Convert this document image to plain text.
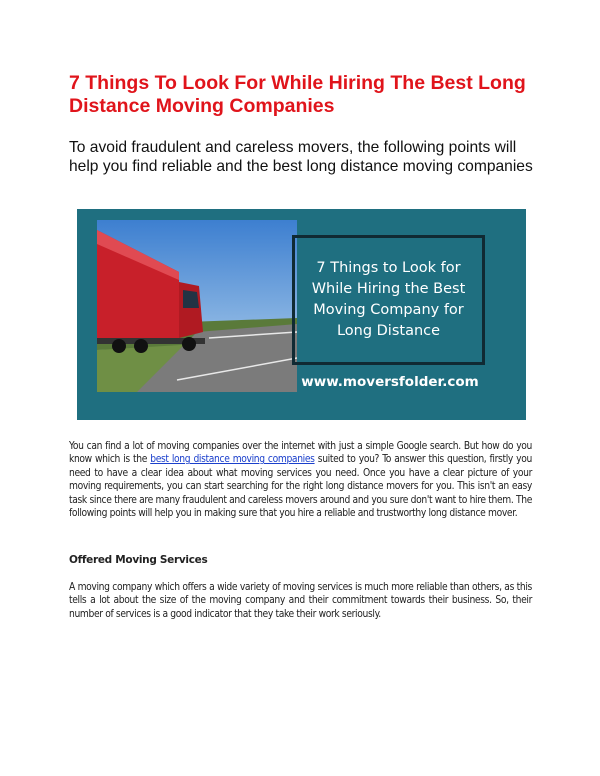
7 Things To Look For While Hiring The Best Long Distance Moving Companies

To avoid fraudulent and careless movers, the following points will help you find reliable and the best long distance moving companies

7 Things to Look for
While Hiring the Best
Moving Company for
Long Distance
www.moversfolder.com

You can find a lot of moving companies over the internet with just a simple Google search. But how do you know which is the best long distance moving companies suited to you? To answer this question, firstly you need to have a clear idea about what moving services you need. Once you have a clear picture of your moving requirements, you can start searching for the right long distance movers for you. This isn't an easy task since there are many fraudulent and careless movers around and you sure don't want to hire them. The following points will help you in making sure that you hire a reliable and trustworthy long distance mover.

Offered Moving Services

A moving company which offers a wide variety of moving services is much more reliable than others, as this tells a lot about the size of the moving company and their commitment towards their business. So, their number of services is a good indicator that they take their work seriously.
